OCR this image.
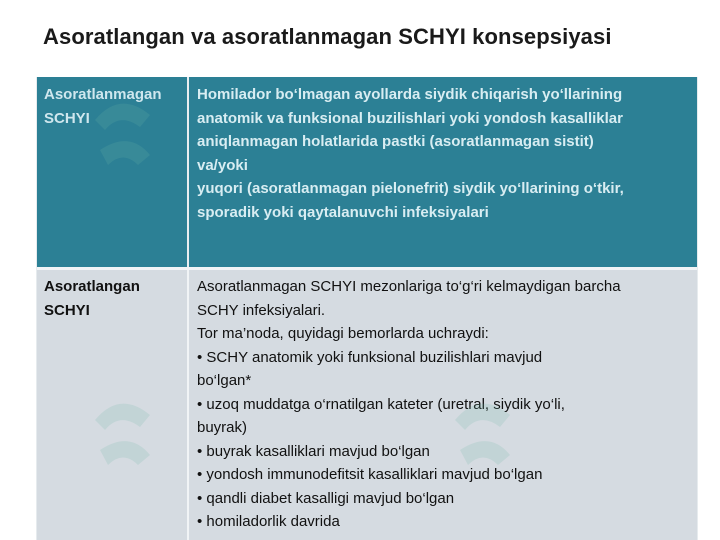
Asoratlangan va asoratlanmagan SCHYI konsepsiyasi
Asoratlanmagan
SCHYI
Homilador bo‘lmagan ayollarda siydik chiqarish yo‘llarining
anatomik va funksional buzilishlari yoki yondosh kasalliklar
aniqlanmagan holatlarida pastki (asoratlanmagan sistit)
va/yoki
yuqori (asoratlanmagan pielonefrit) siydik yo‘llarining o‘tkir,
sporadik yoki qaytalanuvchi infeksiyalari
Asoratlangan
SCHYI
Asoratlanmagan SCHYI mezonlariga to‘g‘ri kelmaydigan barcha
SCHY infeksiyalari.
Tor ma’noda, quyidagi bemorlarda uchraydi:
• SCHY anatomik yoki funksional buzilishlari mavjud
bo‘lgan*
• uzoq muddatga o‘rnatilgan kateter (uretral, siydik yo‘li,
buyrak)
• buyrak kasalliklari mavjud bo‘lgan
• yondosh immunodefitsit kasalliklari mavjud bo‘lgan
• qandli diabet kasalligi mavjud bo‘lgan
• homiladorlik davrida
